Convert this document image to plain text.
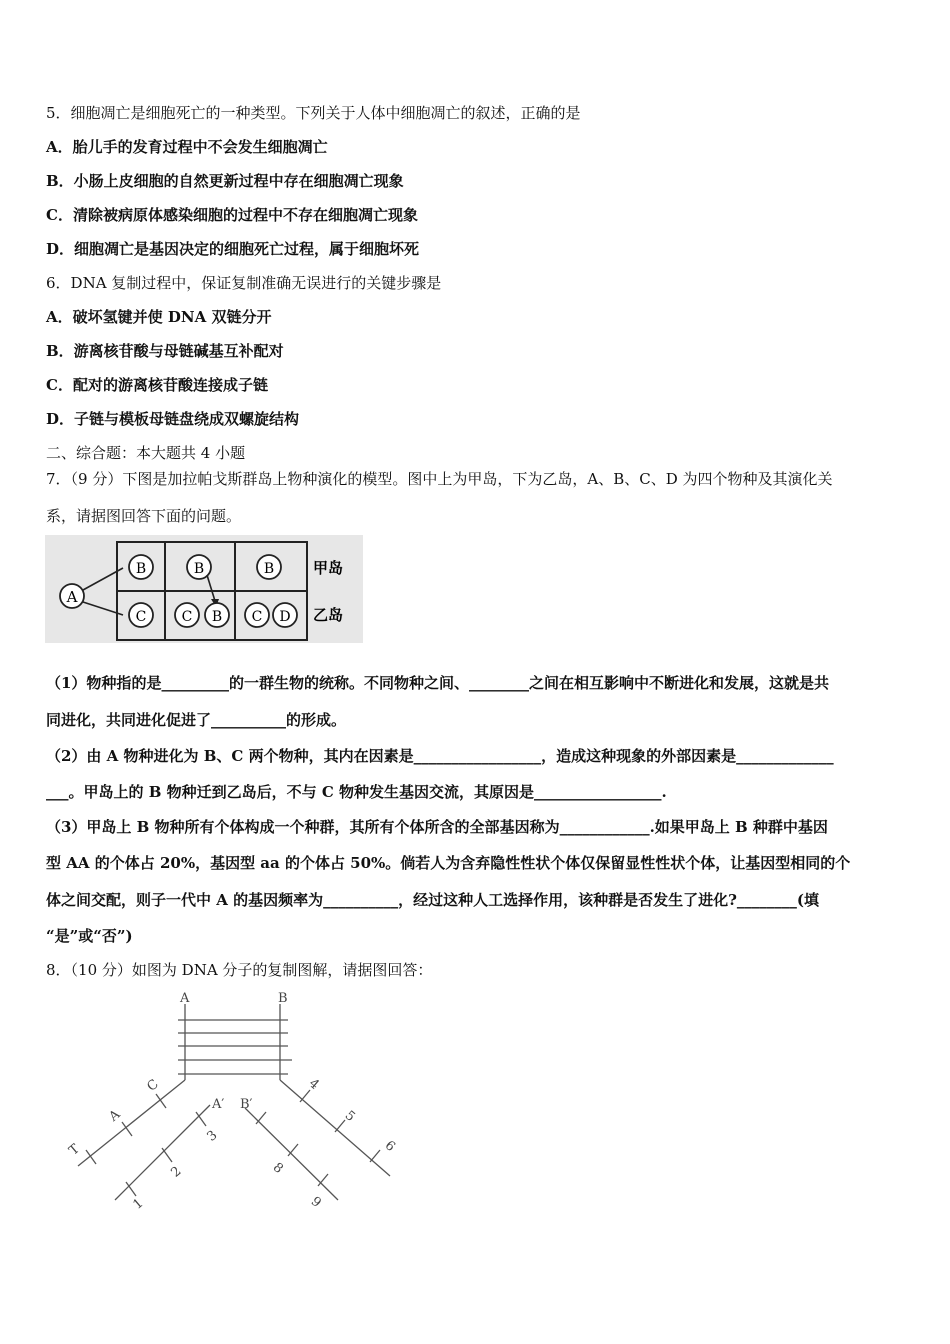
5．细胞凋亡是细胞死亡的一种类型。下列关于人体中细胞凋亡的叙述，正确的是
A．胎儿手的发育过程中不会发生细胞凋亡
B．小肠上皮细胞的自然更新过程中存在细胞凋亡现象
C．清除被病原体感染细胞的过程中不存在细胞凋亡现象
D．细胞凋亡是基因决定的细胞死亡过程，属于细胞坏死
6．DNA 复制过程中，保证复制准确无误进行的关键步骤是
A．破坏氢键并使 DNA 双链分开
B．游离核苷酸与母链碱基互补配对
C．配对的游离核苷酸连接成子链
D．子链与模板母链盘绕成双螺旋结构
二、综合题：本大题共 4 小题
7．（9 分）下图是加拉帕戈斯群岛上物种演化的模型。图中上为甲岛，下为乙岛，A、B、C、D 为四个物种及其演化关
系，请据图回答下面的问题。
A
B	B	B
C	C B C D
甲岛
乙岛
（1）物种指的是_________的一群生物的统称。不同物种之间、________之间在相互影响中不断进化和发展，这就是共
同进化，共同进化促进了__________的形成。
（2）由 A 物种进化为 B、C 两个物种，其内在因素是_________________，造成这种现象的外部因素是_____________
___。甲岛上的 B 物种迁到乙岛后，不与 C 物种发生基因交流，其原因是_________________.
（3）甲岛上 B 物种所有个体构成一个种群，其所有个体所含的全部基因称为____________.如果甲岛上 B 种群中基因
型 AA 的个体占 20%，基因型 aa 的个体占 50%。倘若人为含弃隐性性状个体仅保留显性性状个体，让基因型相同的个
体之间交配，则子一代中 A 的基因频率为__________，经过这种人工选择作用，该种群是否发生了进化?________(填
“是”或“否”)
8．（10 分）如图为 DNA 分子的复制图解，请据图回答：
A	B
C
A
T
A′ B′
3
2
1
4
5
6
8
9
